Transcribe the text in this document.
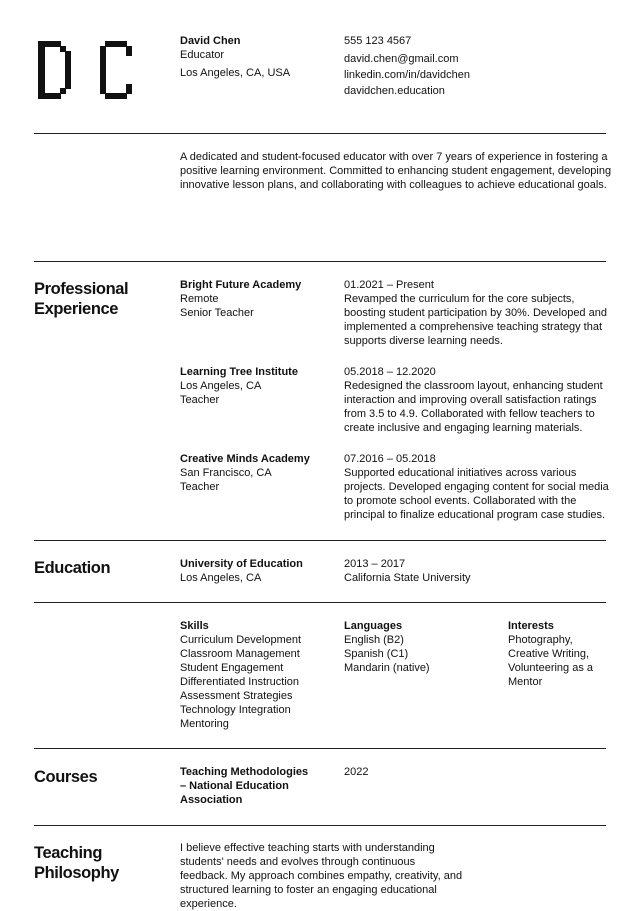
David Chen
Educator
Los Angeles, CA, USA
555 123 4567
david.chen@gmail.com
linkedin.com/in/davidchen
davidchen.education
A dedicated and student-focused educator with over 7 years of experience in fostering a
positive learning environment. Committed to enhancing student engagement, developing
innovative lesson plans, and collaborating with colleagues to achieve educational goals.
Professional
Experience
Bright Future Academy
Remote
Senior Teacher
01.2021 – Present
Revamped the curriculum for the core subjects,
boosting student participation by 30%. Developed and
implemented a comprehensive teaching strategy that
supports diverse learning needs.
Learning Tree Institute
Los Angeles, CA
Teacher
05.2018 – 12.2020
Redesigned the classroom layout, enhancing student
interaction and improving overall satisfaction ratings
from 3.5 to 4.9. Collaborated with fellow teachers to
create inclusive and engaging learning materials.
Creative Minds Academy
San Francisco, CA
Teacher
07.2016 – 05.2018
Supported educational initiatives across various
projects. Developed engaging content for social media
to promote school events. Collaborated with the
principal to finalize educational program case studies.
Education	University of Education
Los Angeles, CA
2013 – 2017
California State University
Skills
Curriculum Development
Classroom Management
Student Engagement
Differentiated Instruction
Assessment Strategies
Technology Integration
Mentoring
Languages
English (B2)
Spanish (C1)
Mandarin (native)
Interests
Photography,
Creative Writing,
Volunteering as a
Mentor
Courses	Teaching Methodologies
– National Education
Association
2022
Teaching
Philosophy
I believe effective teaching starts with understanding
students' needs and evolves through continuous
feedback. My approach combines empathy, creativity, and
structured learning to foster an engaging educational
experience.
